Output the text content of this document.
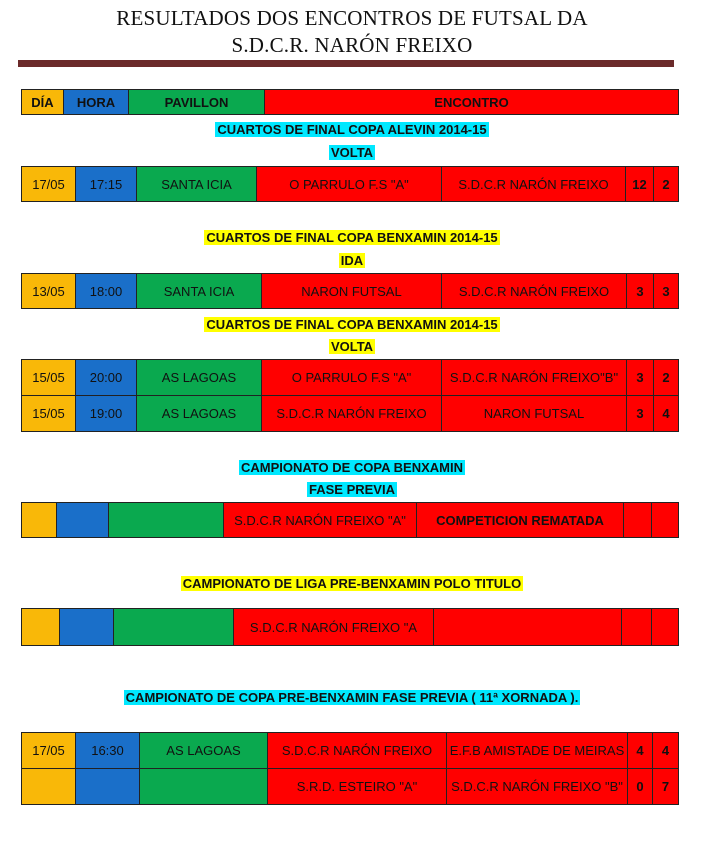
RESULTADOS DOS ENCONTROS DE FUTSAL DA
S.D.C.R. NARÓN FREIXO
DÍA	HORA	PAVILLON	ENCONTRO
CUARTOS DE FINAL COPA ALEVIN 2014-15
VOLTA
17/05	17:15	SANTA ICIA	O PARRULO F.S "A"	S.D.C.R NARÓN FREIXO	12	2
CUARTOS DE FINAL COPA BENXAMIN 2014-15
IDA
13/05	18:00	SANTA ICIA	NARON FUTSAL	S.D.C.R NARÓN FREIXO	3	3
CUARTOS DE FINAL COPA BENXAMIN 2014-15
VOLTA
15/05	20:00	AS LAGOAS	O PARRULO F.S "A"	S.D.C.R NARÓN FREIXO"B"	3	2
15/05	19:00	AS LAGOAS	S.D.C.R NARÓN FREIXO	NARON FUTSAL	3	4
CAMPIONATO DE COPA BENXAMIN
FASE PREVIA
			S.D.C.R NARÓN FREIXO "A"	COMPETICION REMATADA		
CAMPIONATO DE LIGA PRE-BENXAMIN POLO TITULO
			S.D.C.R NARÓN FREIXO "A			
CAMPIONATO DE COPA PRE-BENXAMIN FASE PREVIA ( 11ª XORNADA ).
17/05	16:30	AS LAGOAS	S.D.C.R NARÓN FREIXO	E.F.B AMISTADE DE MEIRAS	4	4
			S.R.D. ESTEIRO "A"	S.D.C.R NARÓN FREIXO "B"	0	7
